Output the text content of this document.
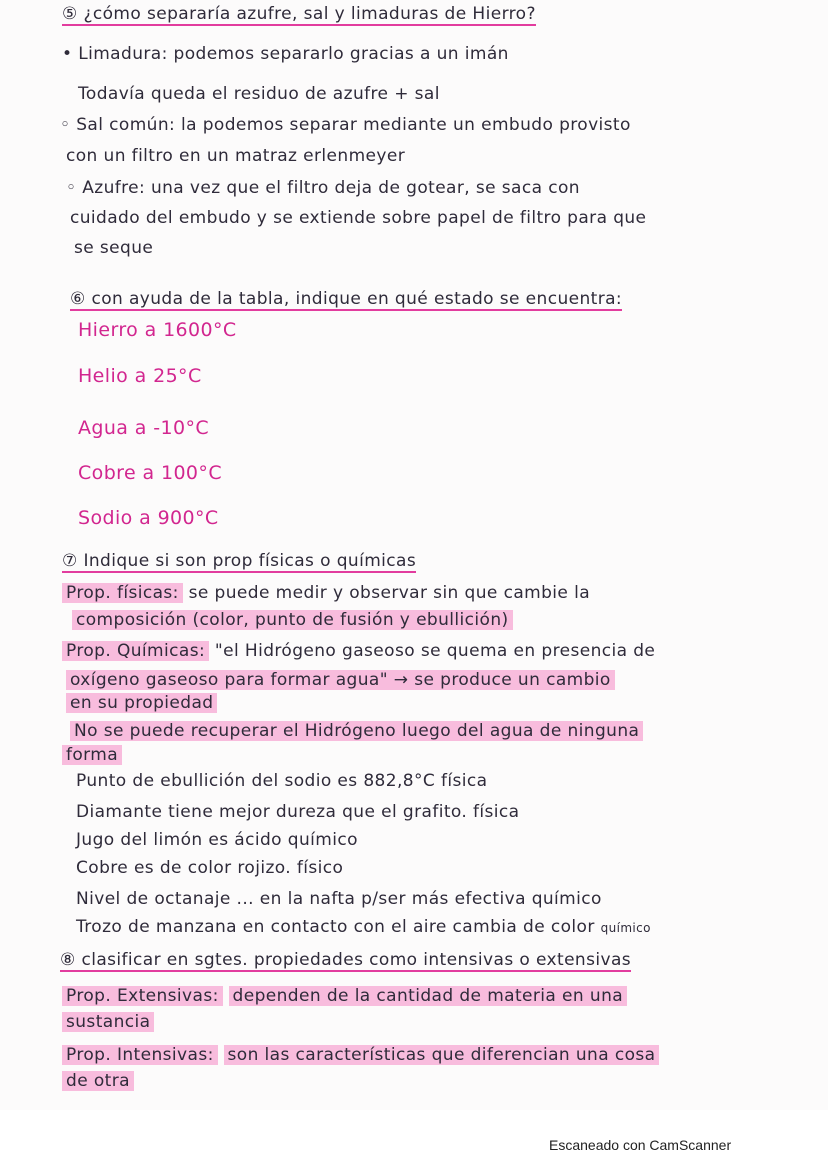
⑤ ¿cómo separaría azufre, sal y limaduras de Hierro?
• Limadura: podemos separarlo gracias a un imán
Todavía queda el residuo de azufre + sal
◦ Sal común: la podemos separar mediante un embudo provisto
con un filtro en un matraz erlenmeyer
◦ Azufre: una vez que el filtro deja de gotear, se saca con
cuidado del embudo y se extiende sobre papel de filtro para que
se seque
⑥ con ayuda de la tabla, indique en qué estado se encuentra:
Hierro a 1600°C
Helio a 25°C
Agua a -10°C
Cobre a 100°C
Sodio a 900°C
⑦ Indique si son prop físicas o químicas
Prop. físicas: se puede medir y observar sin que cambie la
composición (color, punto de fusión y ebullición)
Prop. Químicas: "el Hidrógeno gaseoso se quema en presencia de
oxígeno gaseoso para formar agua" → se produce un cambio
en su propiedad
No se puede recuperar el Hidrógeno luego del agua de ninguna
forma
Punto de ebullición del sodio es 882,8°C física
Diamante tiene mejor dureza que el grafito. física
Jugo del limón es ácido químico
Cobre es de color rojizo. físico
Nivel de octanaje ... en la nafta p/ser más efectiva químico
Trozo de manzana en contacto con el aire cambia de color químico
⑧ clasificar en sgtes. propiedades como intensivas o extensivas
Prop. Extensivas: dependen de la cantidad de materia en una
sustancia
Prop. Intensivas: son las características que diferencian una cosa
de otra
Escaneado con CamScanner
